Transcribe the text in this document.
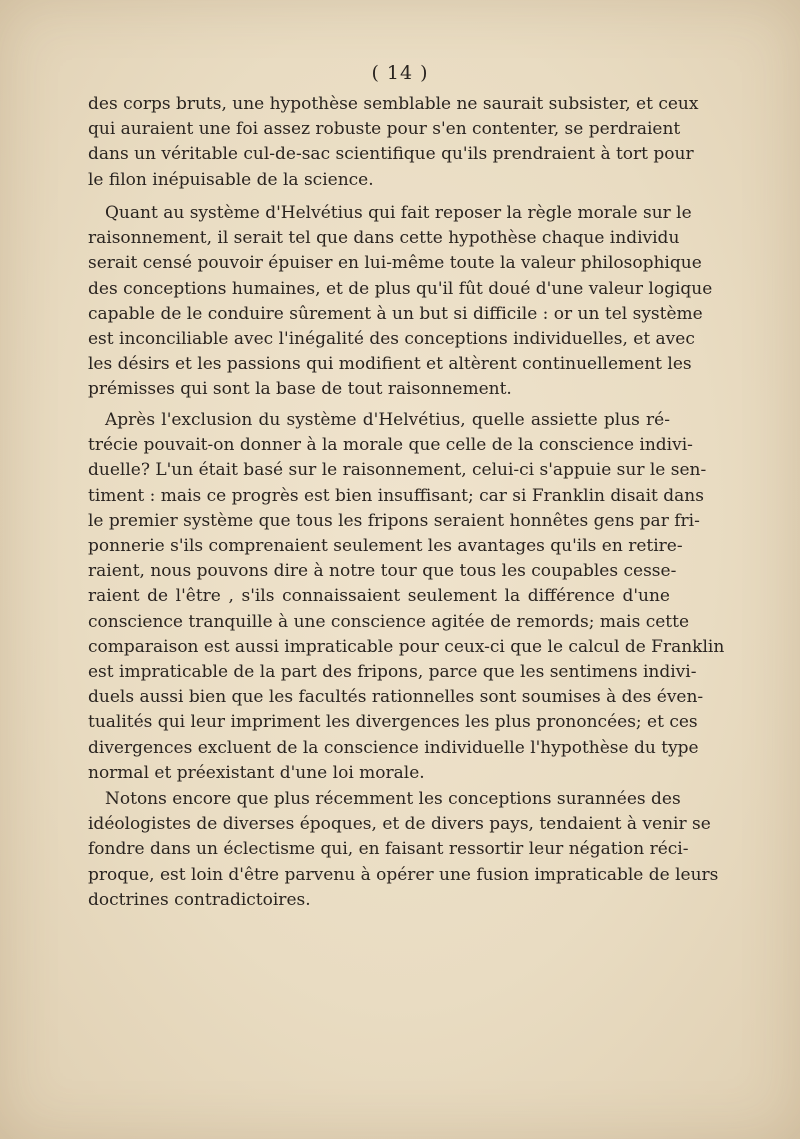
( 14 )
des corps bruts, une hypothèse semblable ne saurait subsister, et ceux
qui auraient une foi assez robuste pour s'en contenter, se perdraient
dans un véritable cul-de-sac scientifique qu'ils prendraient à tort pour
le filon inépuisable de la science.
Quant au système d'Helvétius qui fait reposer la règle morale sur le
raisonnement, il serait tel que dans cette hypothèse chaque individu
serait censé pouvoir épuiser en lui-même toute la valeur philosophique
des conceptions humaines, et de plus qu'il fût doué d'une valeur logique
capable de le conduire sûrement à un but si difficile : or un tel système
est inconciliable avec l'inégalité des conceptions individuelles, et avec
les désirs et les passions qui modifient et altèrent continuellement les
prémisses qui sont la base de tout raisonnement.
Après l'exclusion du système d'Helvétius, quelle assiette plus ré-
trécie pouvait-on donner à la morale que celle de la conscience indivi-
duelle? L'un était basé sur le raisonnement, celui-ci s'appuie sur le sen-
timent : mais ce progrès est bien insuffisant; car si Franklin disait dans
le premier système que tous les fripons seraient honnêtes gens par fri-
ponnerie s'ils comprenaient seulement les avantages qu'ils en retire-
raient, nous pouvons dire à notre tour que tous les coupables cesse-
raient de l'être , s'ils connaissaient seulement la différence d'une
conscience tranquille à une conscience agitée de remords; mais cette
comparaison est aussi impraticable pour ceux-ci que le calcul de Franklin
est impraticable de la part des fripons, parce que les sentimens indivi-
duels aussi bien que les facultés rationnelles sont soumises à des éven-
tualités qui leur impriment les divergences les plus prononcées; et ces
divergences excluent de la conscience individuelle l'hypothèse du type
normal et préexistant d'une loi morale.
Notons encore que plus récemment les conceptions surannées des
idéologistes de diverses époques, et de divers pays, tendaient à venir se
fondre dans un éclectisme qui, en faisant ressortir leur négation réci-
proque, est loin d'être parvenu à opérer une fusion impraticable de leurs
doctrines contradictoires.
